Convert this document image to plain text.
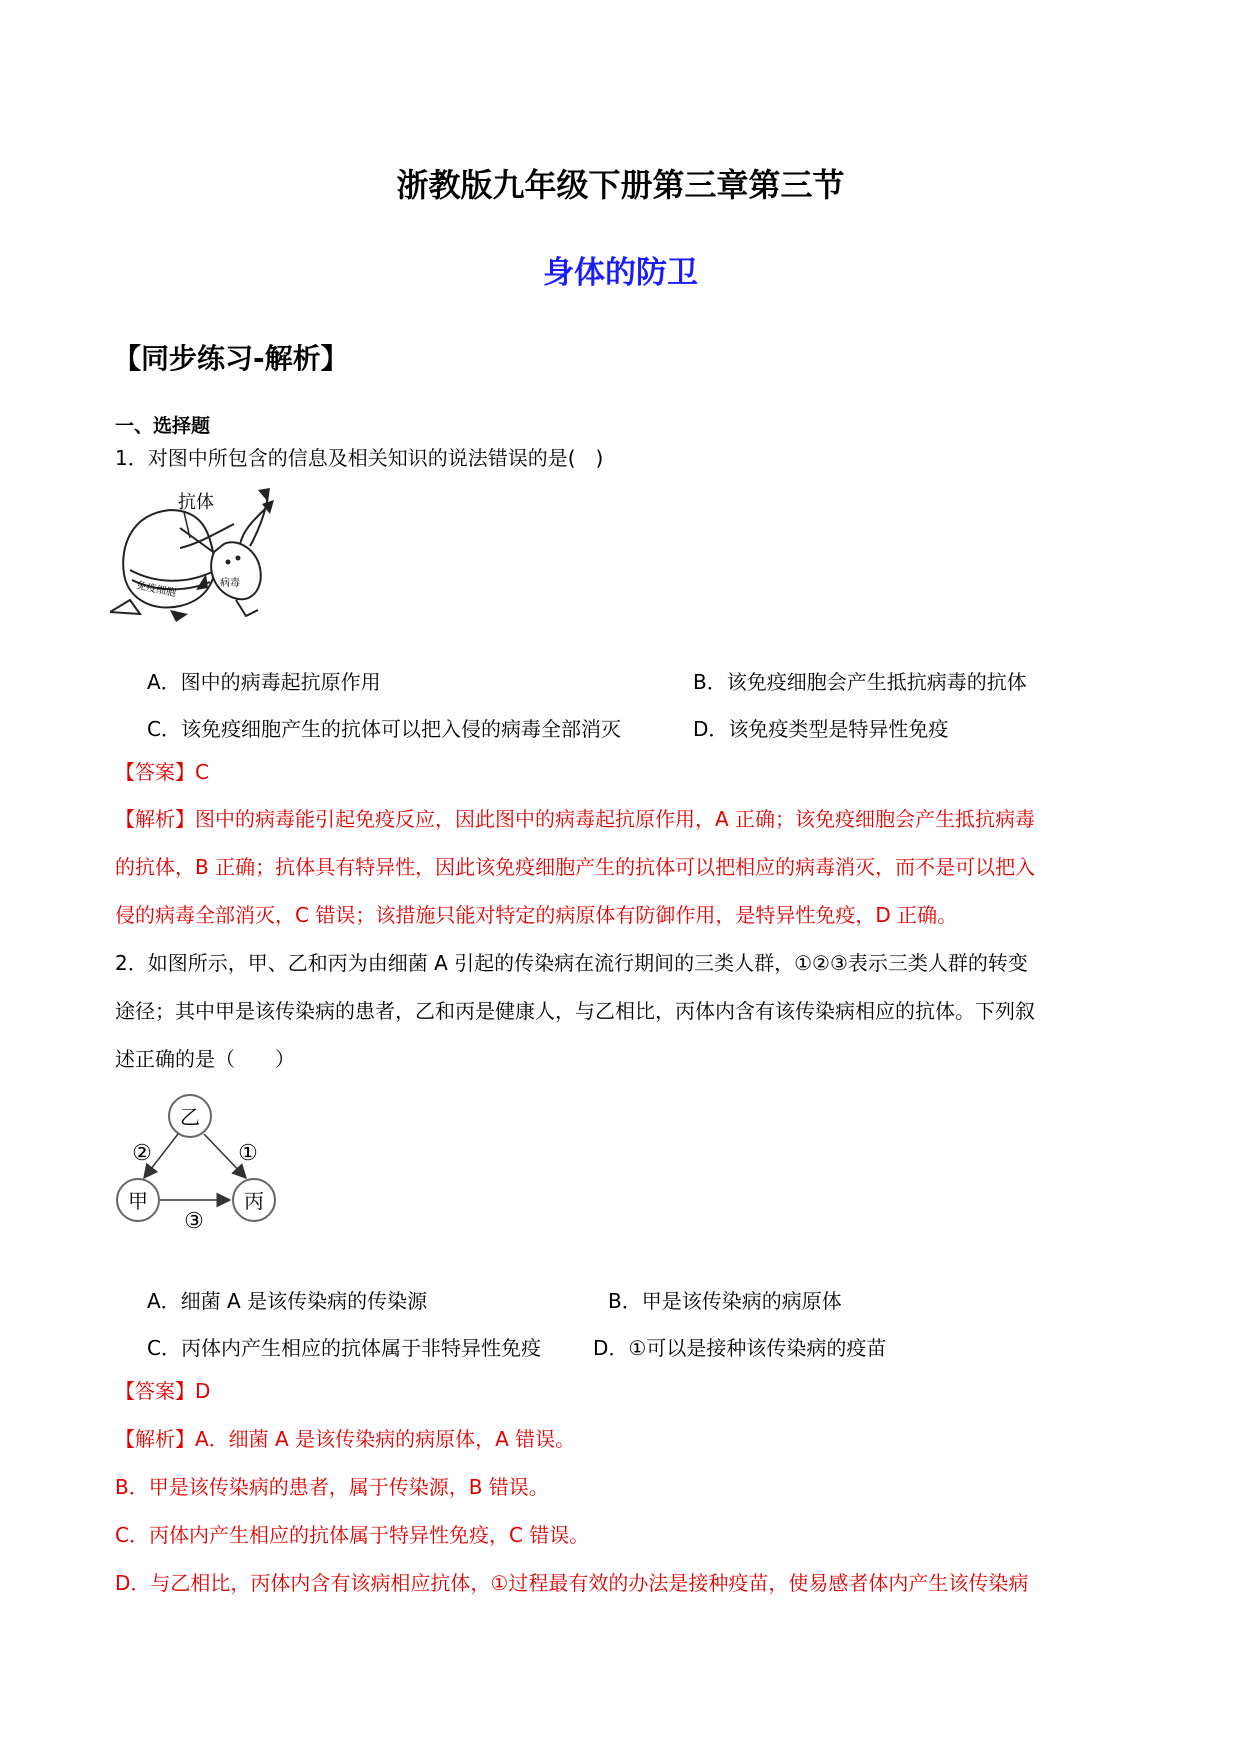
浙教版九年级下册第三章第三节
身体的防卫
【同步练习-解析】
一、选择题
1．对图中所包含的信息及相关知识的说法错误的是(　)
免疫细胞
抗体
病毒
A．图中的病毒起抗原作用	B．该免疫细胞会产生抵抗病毒的抗体
C．该免疫细胞产生的抗体可以把入侵的病毒全部消灭	D．该免疫类型是特异性免疫
【答案】C
【解析】图中的病毒能引起免疫反应，因此图中的病毒起抗原作用，A 正确；该免疫细胞会产生抵抗病毒
的抗体，B 正确；抗体具有特异性，因此该免疫细胞产生的抗体可以把相应的病毒消灭，而不是可以把入
侵的病毒全部消灭，C 错误；该措施只能对特定的病原体有防御作用，是特异性免疫，D 正确。
2．如图所示，甲、乙和丙为由细菌 A 引起的传染病在流行期间的三类人群，①②③表示三类人群的转变
途径；其中甲是该传染病的患者，乙和丙是健康人，与乙相比，丙体内含有该传染病相应的抗体。下列叙
述正确的是（　　）
乙
甲	丙
②	①
③
A．细菌 A 是该传染病的传染源	B．甲是该传染病的病原体
C．丙体内产生相应的抗体属于非特异性免疫	D．①可以是接种该传染病的疫苗
【答案】D
【解析】A．细菌 A 是该传染病的病原体，A 错误。
B．甲是该传染病的患者，属于传染源，B 错误。
C．丙体内产生相应的抗体属于特异性免疫，C 错误。
D．与乙相比，丙体内含有该病相应抗体，①过程最有效的办法是接种疫苗，使易感者体内产生该传染病
